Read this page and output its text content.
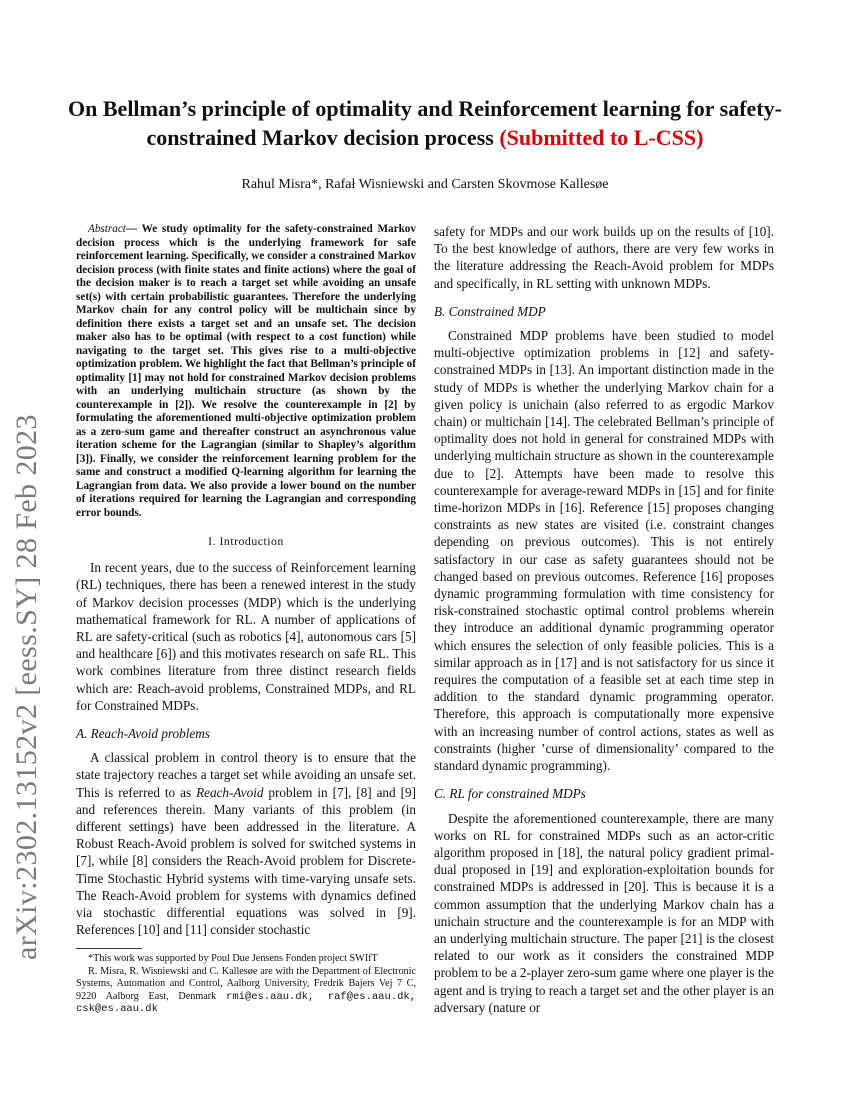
arXiv:2302.13152v2 [eess.SY] 28 Feb 2023
On Bellman’s principle of optimality and Reinforcement learning for safety-constrained Markov decision process (Submitted to L-CSS)
Rahul Misra*, Rafał Wisniewski and Carsten Skovmose Kallesøe

Abstract— We study optimality for the safety-constrained Markov decision process which is the underlying framework for safe reinforcement learning. Specifically, we consider a constrained Markov decision process (with finite states and finite actions) where the goal of the decision maker is to reach a target set while avoiding an unsafe set(s) with certain probabilistic guarantees. Therefore the underlying Markov chain for any control policy will be multichain since by definition there exists a target set and an unsafe set. The decision maker also has to be optimal (with respect to a cost function) while navigating to the target set. This gives rise to a multi-objective optimization problem. We highlight the fact that Bellman’s principle of optimality [1] may not hold for constrained Markov decision problems with an underlying multichain structure (as shown by the counterexample in [2]). We resolve the counterexample in [2] by formulating the aforementioned multi-objective optimization problem as a zero-sum game and thereafter construct an asynchronous value iteration scheme for the Lagrangian (similar to Shapley’s algorithm [3]). Finally, we consider the reinforcement learning problem for the same and construct a modified Q-learning algorithm for learning the Lagrangian from data. We also provide a lower bound on the number of iterations required for learning the Lagrangian and corresponding error bounds.

I. Introduction

In recent years, due to the success of Reinforcement learning (RL) techniques, there has been a renewed interest in the study of Markov decision processes (MDP) which is the underlying mathematical framework for RL. A number of applications of RL are safety-critical (such as robotics [4], autonomous cars [5] and healthcare [6]) and this motivates research on safe RL. This work combines literature from three distinct research fields which are: Reach-avoid problems, Constrained MDPs, and RL for Constrained MDPs.

A. Reach-Avoid problems

A classical problem in control theory is to ensure that the state trajectory reaches a target set while avoiding an unsafe set. This is referred to as Reach-Avoid problem in [7], [8] and [9] and references therein. Many variants of this problem (in different settings) have been addressed in the literature. A Robust Reach-Avoid problem is solved for switched systems in [7], while [8] considers the Reach-Avoid problem for Discrete-Time Stochastic Hybrid systems with time-varying unsafe sets. The Reach-Avoid problem for systems with dynamics defined via stochastic differential equations was solved in [9]. References [10] and [11] consider stochastic

*This work was supported by Poul Due Jensens Fonden project SWIfT

R. Misra, R. Wisniewski and C. Kallesøe are with the Department of Electronic Systems, Automation and Control, Aalborg University, Fredrik Bajers Vej 7 C, 9220 Aalborg East, Denmark rmi@es.aau.dk, raf@es.aau.dk, csk@es.aau.dk

safety for MDPs and our work builds up on the results of [10]. To the best knowledge of authors, there are very few works in the literature addressing the Reach-Avoid problem for MDPs and specifically, in RL setting with unknown MDPs.

B. Constrained MDP

Constrained MDP problems have been studied to model multi-objective optimization problems in [12] and safety-constrained MDPs in [13]. An important distinction made in the study of MDPs is whether the underlying Markov chain for a given policy is unichain (also referred to as ergodic Markov chain) or multichain [14]. The celebrated Bellman’s principle of optimality does not hold in general for constrained MDPs with underlying multichain structure as shown in the counterexample due to [2]. Attempts have been made to resolve this counterexample for average-reward MDPs in [15] and for finite time-horizon MDPs in [16]. Reference [15] proposes changing constraints as new states are visited (i.e. constraint changes depending on previous outcomes). This is not entirely satisfactory in our case as safety guarantees should not be changed based on previous outcomes. Reference [16] proposes dynamic programming formulation with time consistency for risk-constrained stochastic optimal control problems wherein they introduce an additional dynamic programming operator which ensures the selection of only feasible policies. This is a similar approach as in [17] and is not satisfactory for us since it requires the computation of a feasible set at each time step in addition to the standard dynamic programming operator. Therefore, this approach is computationally more expensive with an increasing number of control actions, states as well as constraints (higher ’curse of dimensionality’ compared to the standard dynamic programming).

C. RL for constrained MDPs

Despite the aforementioned counterexample, there are many works on RL for constrained MDPs such as an actor-critic algorithm proposed in [18], the natural policy gradient primal-dual proposed in [19] and exploration-exploitation bounds for constrained MDPs is addressed in [20]. This is because it is a common assumption that the underlying Markov chain has a unichain structure and the counterexample is for an MDP with an underlying multichain structure. The paper [21] is the closest related to our work as it considers the constrained MDP problem to be a 2-player zero-sum game where one player is the agent and is trying to reach a target set and the other player is an adversary (nature or
